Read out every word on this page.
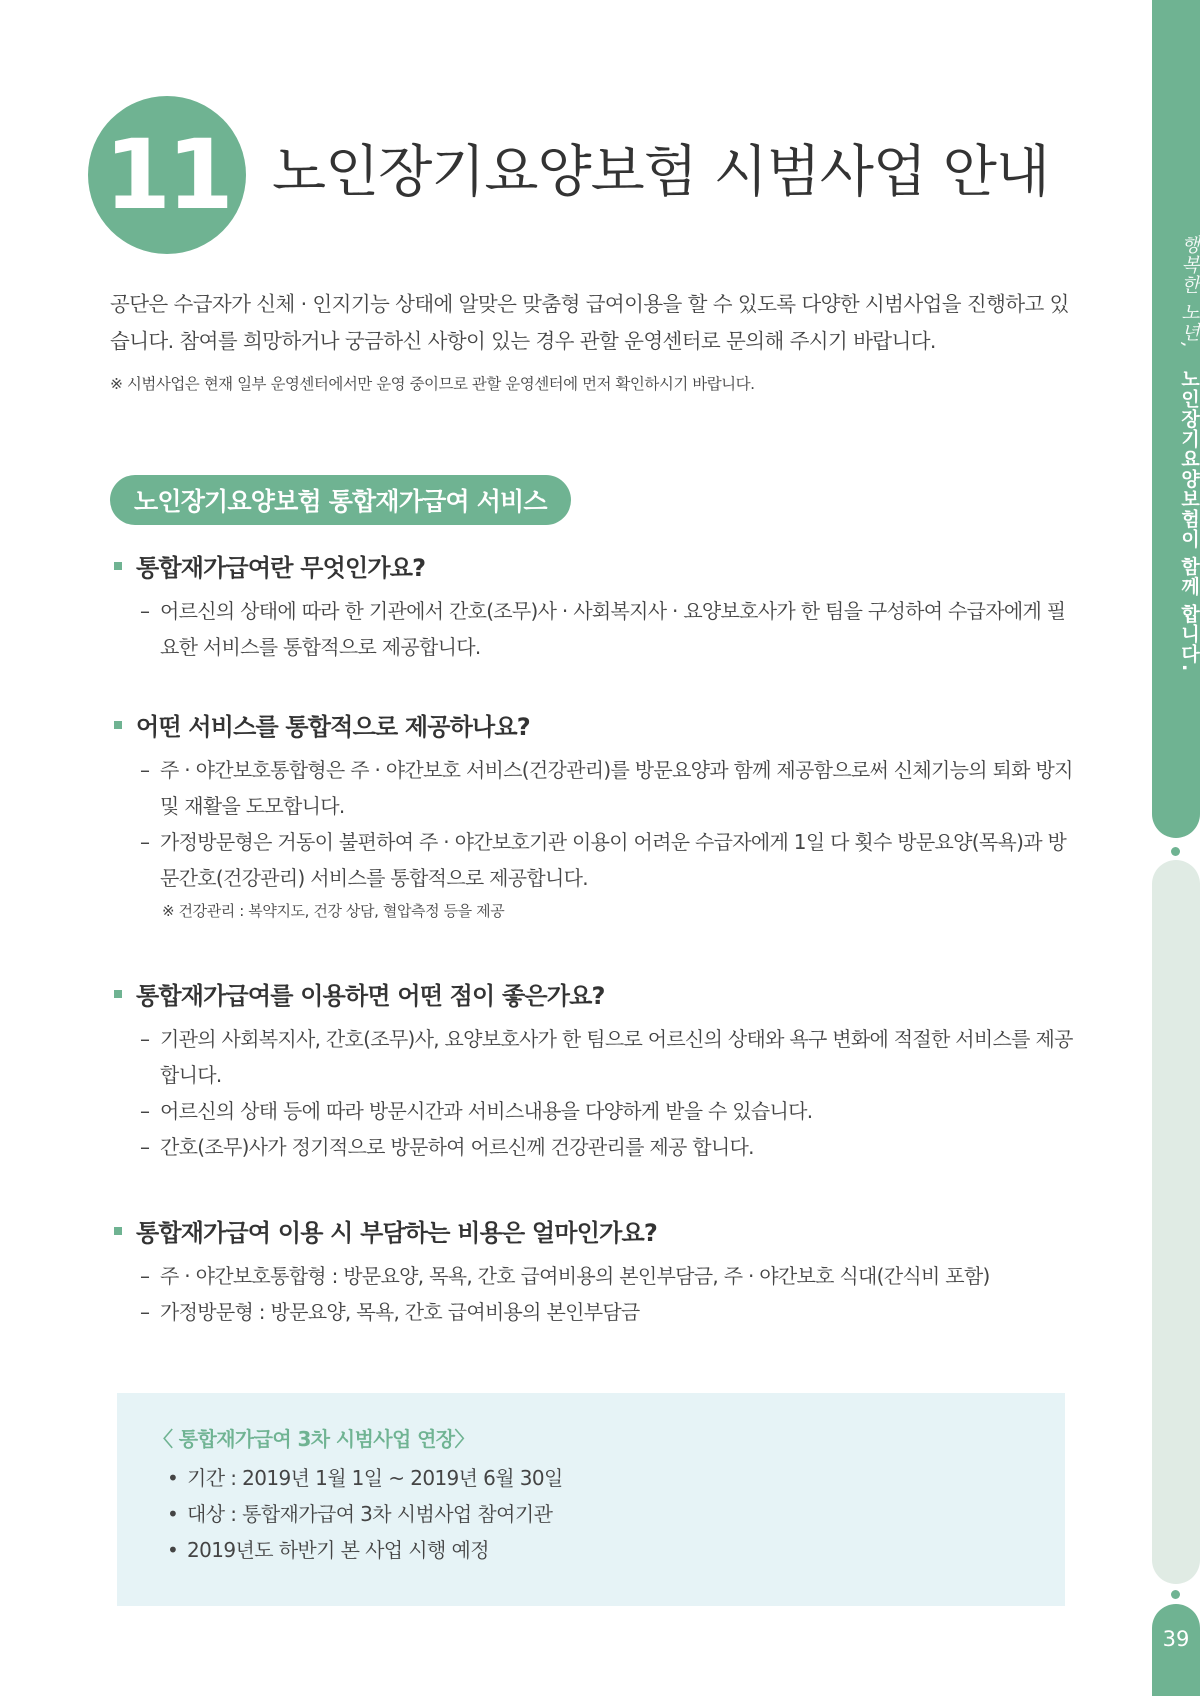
행복한 노년, 노인장기요양보험이 함께 합니다.
39
11 노인장기요양보험 시범사업 안내

공단은 수급자가 신체 · 인지기능 상태에 알맞은 맞춤형 급여이용을 할 수 있도록 다양한 시범사업을 진행하고 있습니다. 참여를 희망하거나 궁금하신 사항이 있는 경우 관할 운영센터로 문의해 주시기 바랍니다.

※ 시범사업은 현재 일부 운영센터에서만 운영 중이므로 관할 운영센터에 먼저 확인하시기 바랍니다.

노인장기요양보험 통합재가급여 서비스
통합재가급여란 무엇인가요?
– 어르신의 상태에 따라 한 기관에서 간호(조무)사 · 사회복지사 · 요양보호사가 한 팀을 구성하여 수급자에게 필요한 서비스를 통합적으로 제공합니다.
어떤 서비스를 통합적으로 제공하나요?
– 주 · 야간보호통합형은 주 · 야간보호 서비스(건강관리)를 방문요양과 함께 제공함으로써 신체기능의 퇴화 방지 및 재활을 도모합니다.
– 가정방문형은 거동이 불편하여 주 · 야간보호기관 이용이 어려운 수급자에게 1일 다 횟수 방문요양(목욕)과 방문간호(건강관리) 서비스를 통합적으로 제공합니다.

※ 건강관리 : 복약지도, 건강 상담, 혈압측정 등을 제공

통합재가급여를 이용하면 어떤 점이 좋은가요?
– 기관의 사회복지사, 간호(조무)사, 요양보호사가 한 팀으로 어르신의 상태와 욕구 변화에 적절한 서비스를 제공 합니다.
– 어르신의 상태 등에 따라 방문시간과 서비스내용을 다양하게 받을 수 있습니다.
– 간호(조무)사가 정기적으로 방문하여 어르신께 건강관리를 제공 합니다.
통합재가급여 이용 시 부담하는 비용은 얼마인가요?
– 주 · 야간보호통합형 : 방문요양, 목욕, 간호 급여비용의 본인부담금, 주 · 야간보호 식대(간식비 포함)
– 가정방문형 : 방문요양, 목욕, 간호 급여비용의 본인부담금

〈 통합재가급여 3차 시범사업 연장〉

• 기간 : 2019년 1월 1일 ~ 2019년 6월 30일
• 대상 : 통합재가급여 3차 시범사업 참여기관
• 2019년도 하반기 본 사업 시행 예정
